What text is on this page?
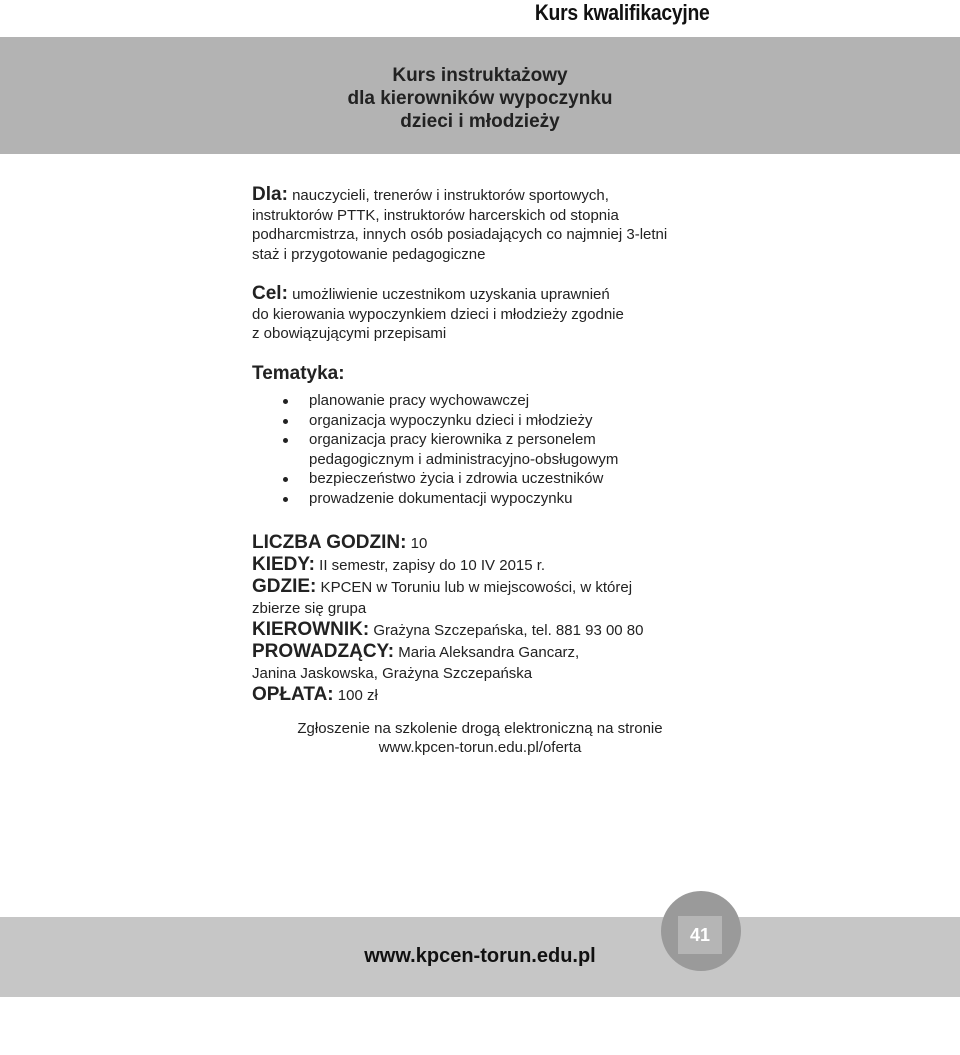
Kurs kwalifikacyjne
Kurs instruktażowy
dla kierowników wypoczynku
dzieci i młodzieży
Dla: nauczycieli, trenerów i instruktorów sportowych,
instruktorów PTTK, instruktorów harcerskich od stopnia
podharcmistrza, innych osób posiadających co najmniej 3-letni
staż i przygotowanie pedagogiczne
Cel: umożliwienie uczestnikom uzyskania uprawnień
do kierowania wypoczynkiem dzieci i młodzieży zgodnie
z obowiązującymi przepisami
Tematyka:
planowanie pracy wychowawczej
organizacja wypoczynku dzieci i młodzieży
organizacja pracy kierownika z personelem
pedagogicznym i administracyjno-obsługowym
bezpieczeństwo życia i zdrowia uczestników
prowadzenie dokumentacji wypoczynku
LICZBA GODZIN: 10
KIEDY: II semestr, zapisy do 10 IV 2015 r.
GDZIE: KPCEN w Toruniu lub w miejscowości, w której
zbierze się grupa
KIEROWNIK: Grażyna Szczepańska, tel. 881 93 00 80
PROWADZĄCY: Maria Aleksandra Gancarz,
Janina Jaskowska, Grażyna Szczepańska
OPŁATA: 100 zł
Zgłoszenie na szkolenie drogą elektroniczną na stronie
www.kpcen-torun.edu.pl/oferta
www.kpcen-torun.edu.pl
41
